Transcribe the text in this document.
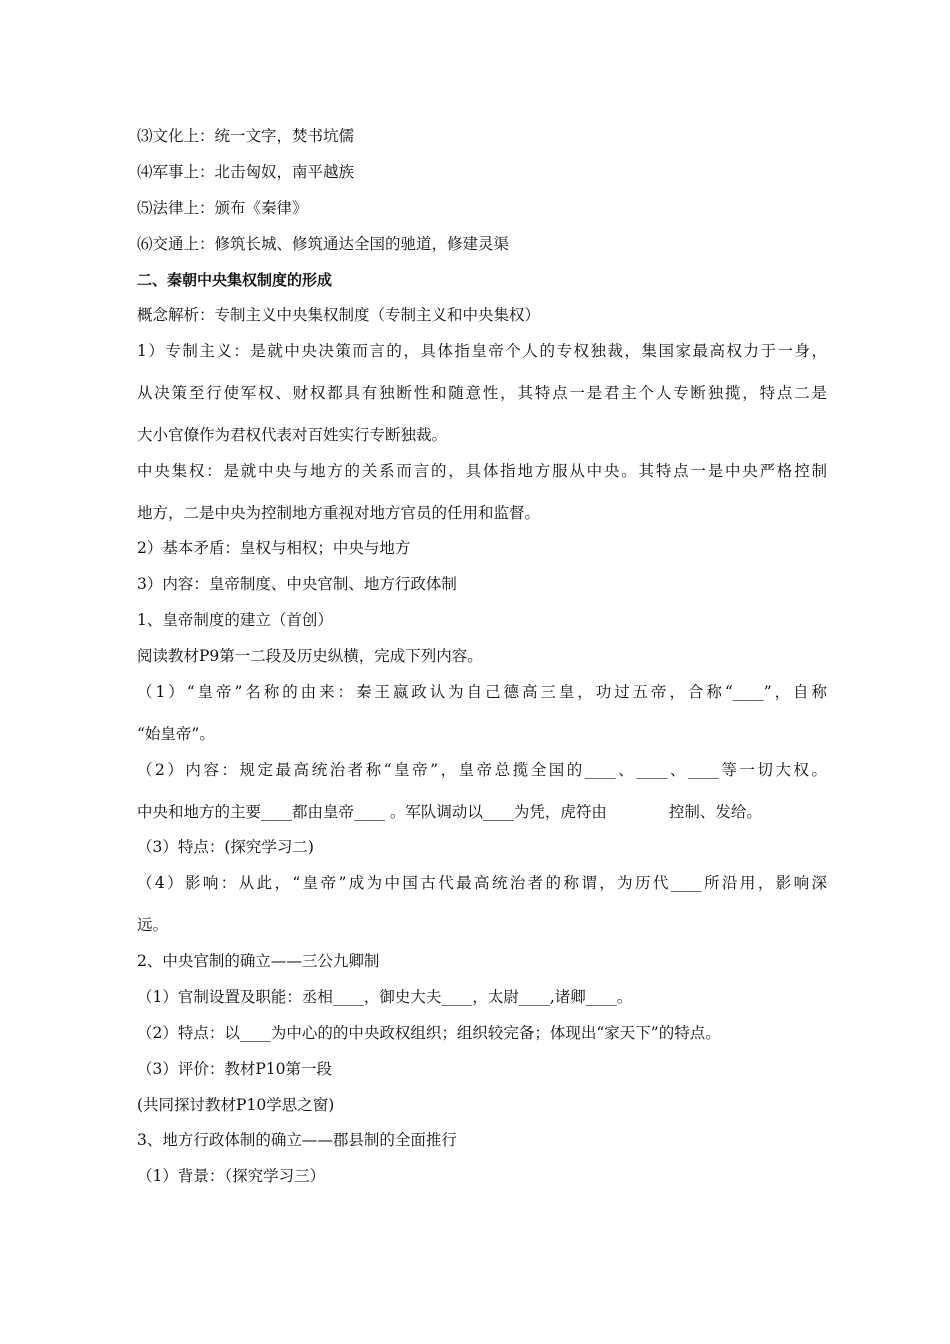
⑶文化上：统一文字，焚书坑儒
⑷军事上：北击匈奴，南平越族
⑸法律上：颁布《秦律》
⑹交通上：修筑长城、修筑通达全国的驰道，修建灵渠
二、秦朝中央集权制度的形成
概念解析：专制主义中央集权制度（专制主义和中央集权）
1）专制主义：是就中央决策而言的，具体指皇帝个人的专权独裁，集国家最高权力于一身，
从决策至行使军权、财权都具有独断性和随意性，其特点一是君主个人专断独揽，特点二是
大小官僚作为君权代表对百姓实行专断独裁。
中央集权：是就中央与地方的关系而言的，具体指地方服从中央。其特点一是中央严格控制
地方，二是中央为控制地方重视对地方官员的任用和监督。
2）基本矛盾：皇权与相权；中央与地方
3）内容：皇帝制度、中央官制、地方行政体制
1、皇帝制度的建立（首创）
阅读教材P9第一二段及历史纵横，完成下列内容。
（1）“皇帝”名称的由来：秦王嬴政认为自己德高三皇，功过五帝，合称“____”，自称
“始皇帝”。
（2）内容：规定最高统治者称“皇帝”，皇帝总揽全国的____、____、____等一切大权。
中央和地方的主要____都由皇帝____ 。军队调动以____为凭，虎符由　　　　控制、发给。
（3）特点：(探究学习二)
（4）影响：从此，“皇帝”成为中国古代最高统治者的称谓，为历代____所沿用，影响深
远。
2、中央官制的确立——三公九卿制
（1）官制设置及职能：丞相____，御史大夫____，太尉____,诸卿____。
（2）特点：以____为中心的的中央政权组织；组织较完备；体现出“家天下”的特点。
（3）评价：教材P10第一段
(共同探讨教材P10学思之窗)
3、地方行政体制的确立——郡县制的全面推行
（1）背景：（探究学习三）
